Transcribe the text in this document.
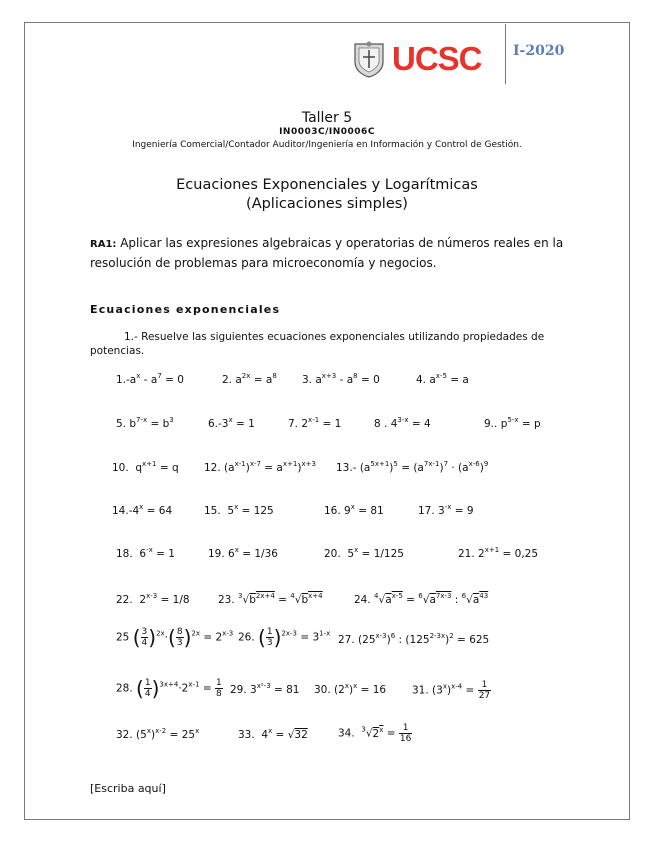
UCSC I-2020
Taller 5
IN0003C/IN0006C
Ingeniería Comercial/Contador Auditor/Ingeniería en Información y Control de Gestión.
Ecuaciones Exponenciales y Logarítmicas
(Aplicaciones simples)
RA1: Aplicar las expresiones algebraicas y operatorias de números reales en la resolución de problemas para microeconomía y negocios.
Ecuaciones exponenciales
1.- Resuelve las siguientes ecuaciones exponenciales utilizando propiedades de potencias.
$1.-a^x - a^7 = 0$	2. $a^{2x} = a^8$ 3. $a^{x+3} - a^8 = 0$	4. $a^{x-5} = a$
5. $b^{7-x} = b^3$	$6.-3^x = 1$	7. $2^{x-1} = 1$	8 . $4^{3-x} = 4$	9.. $p^{5-x} = p$
10.  $q^{x+1} = q$ 12. $(a^{x-1})^{x-7} = a^{x+1})^{x+3}$ 13.- $(a^{5x+1})^5 = (a^{7x-1})^7 \cdot (a^{x-6})^9$
$14.-4^x = 64$	15.  $5^x = 125$	16. $9^x = 81$	17. $3^{-x} = 9$
18.  $6^{-x} = 1$	19. $6^x = 1/36$	20.  $5^x = 1/125$	21. $2^{x+1} = 0,25$
22.  $2^{x-3} = 1/8$	23. $^3√b^{2x+4} = ^4√b^{x+4}$	24. $^4√a^{x-5} = ^6√a^{7x-3}$ : $^6√a^{43}$
25 ( $\frac{3}{4} )^{2x}\cdot( \frac{8}{3} )^{2x} = 2^{x-3}$ 26. ( $\frac{1}{3} )^{2x-3} = 3^{1-x}$
27. $(25^{x-3})^6$ : $(125^{2-3x})^2 = 625$
28. ( $\frac{1}{4} )^{3x+4}\cdot 2^{x-1} = \frac{1}{8} 29$. $3^{x^2-3} = 81$ 30. $(2^x)^x = 16$ 31. $(3^x)^{x-4} = \frac{1}{27}$
32. $(5^x)^{x-2} = 25^x$	33.  $4^x = √32$	34.  $^3√2^x = \frac{1}{16}$
[Escriba aquí]
